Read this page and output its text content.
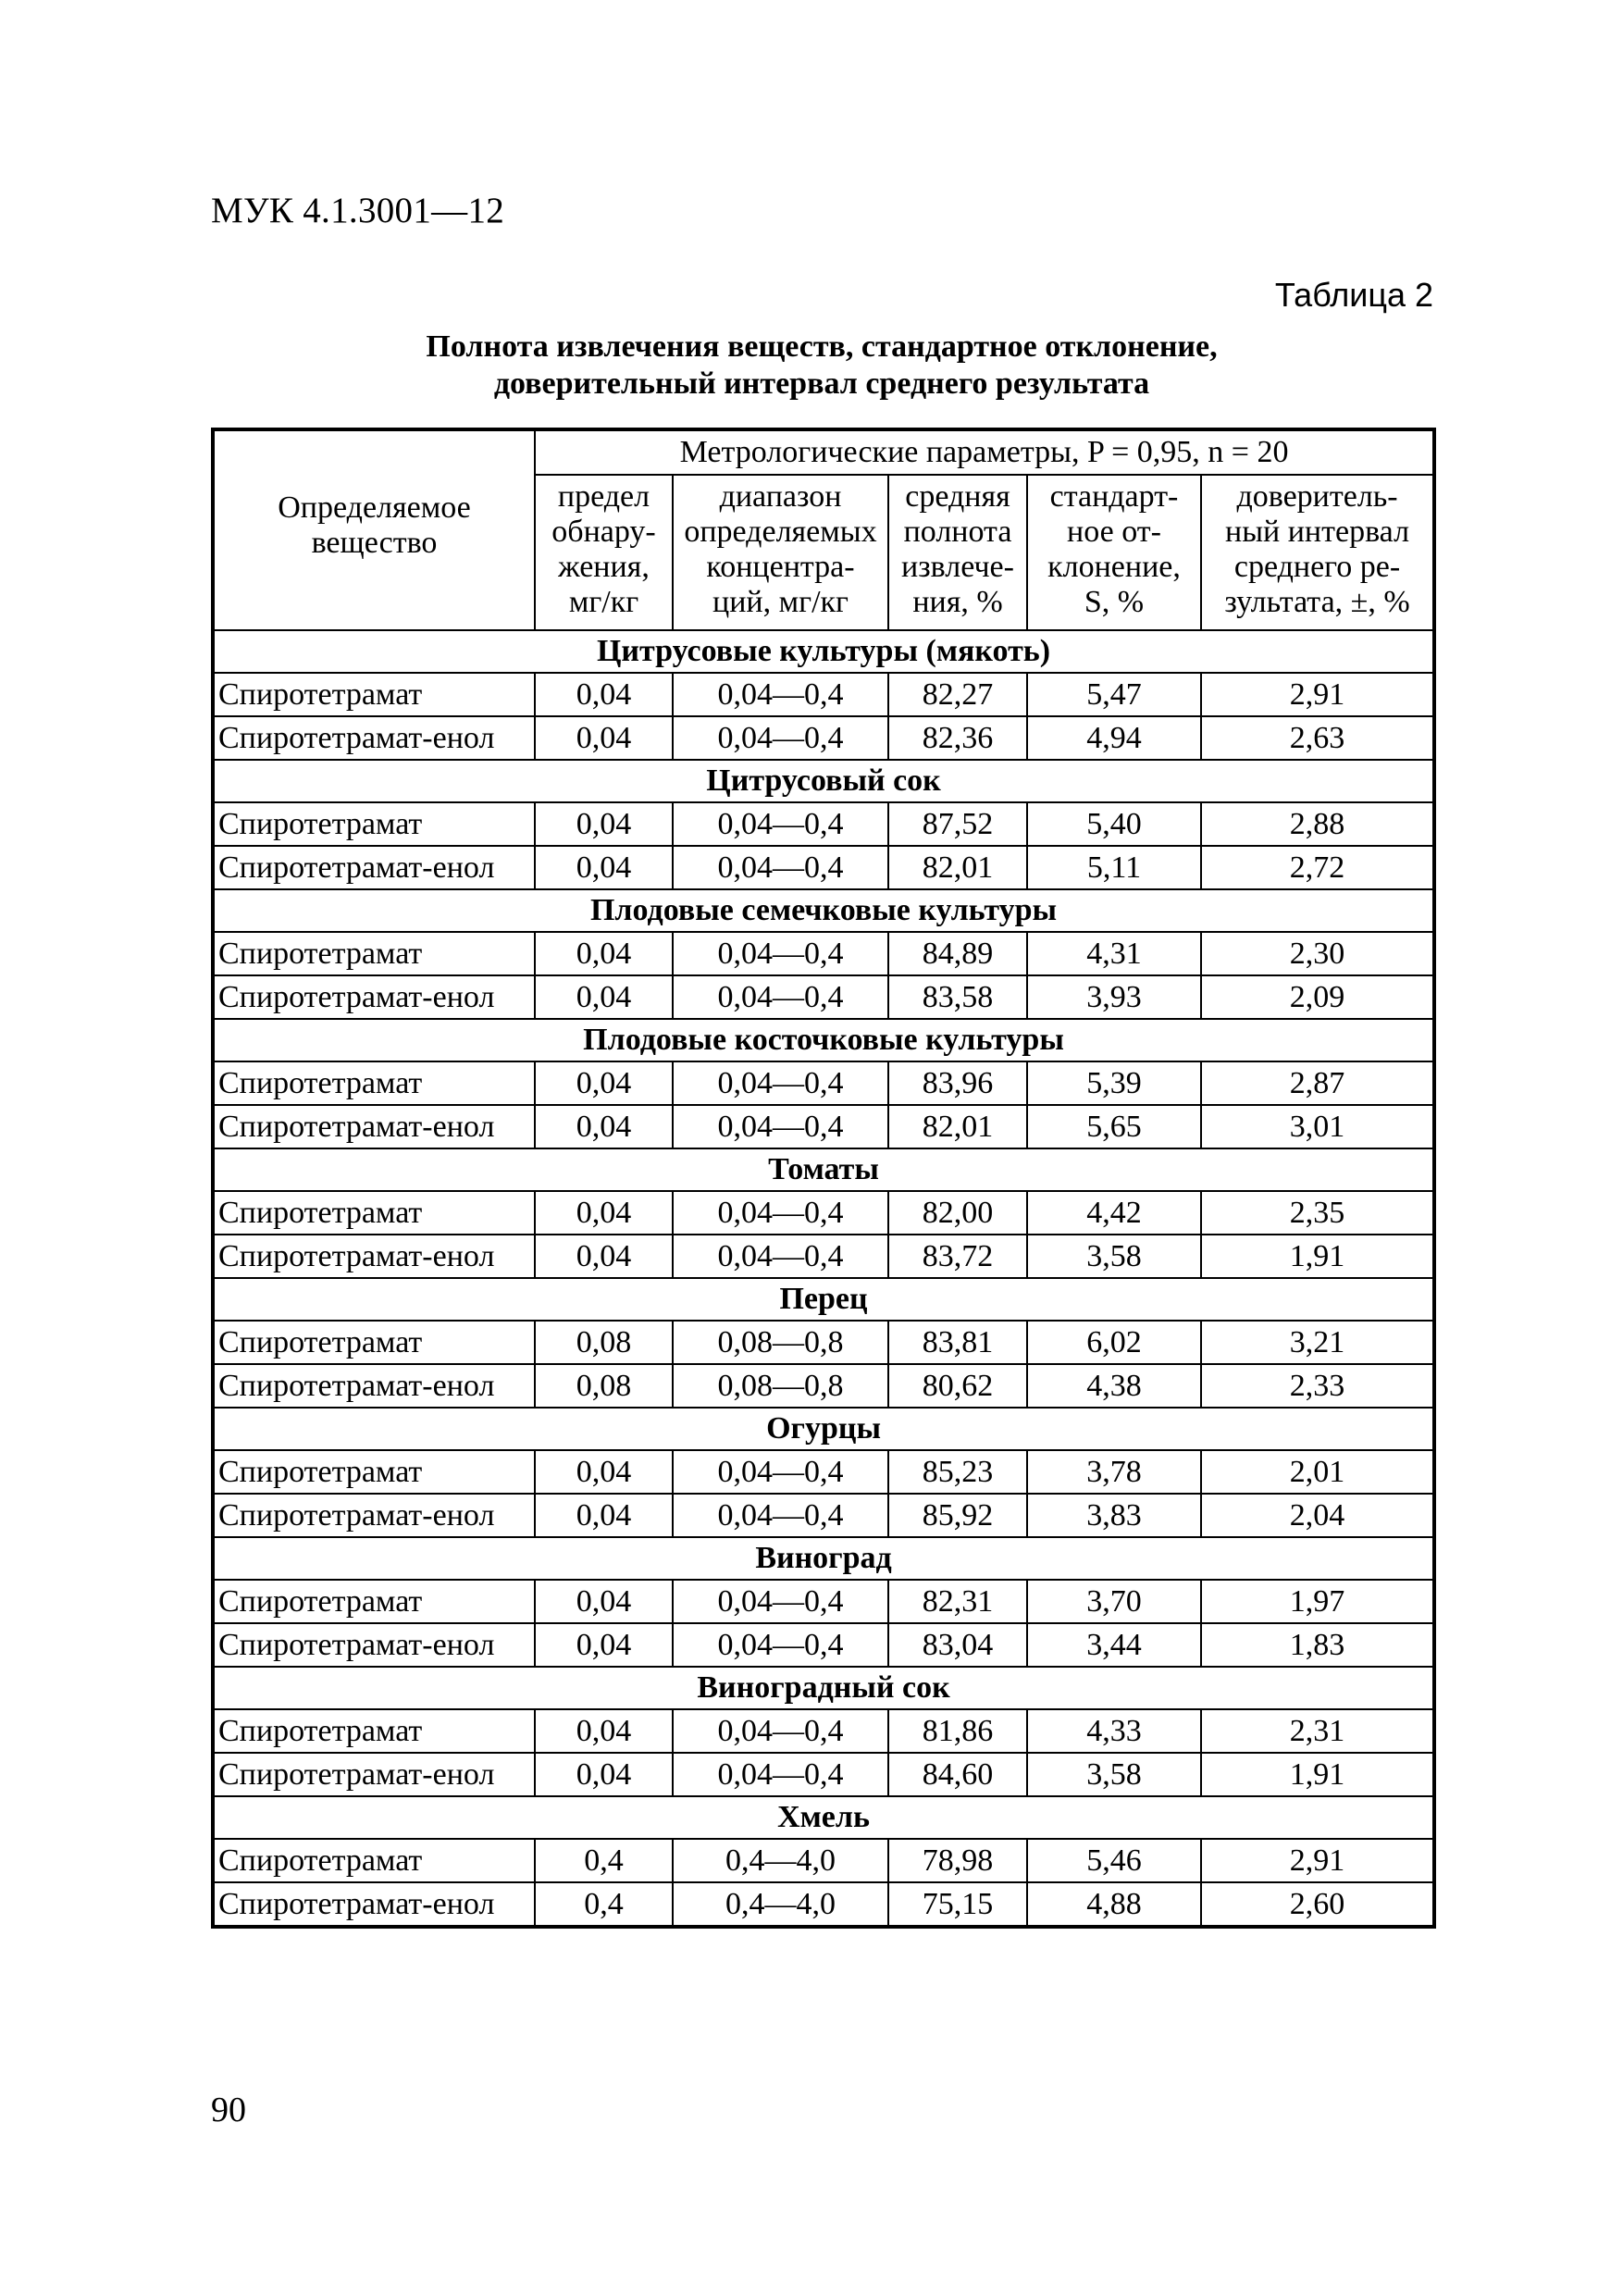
МУК 4.1.3001—12
Таблица 2
Полнота извлечения веществ, стандартное отклонение,
доверительный интервал среднего результата
Определяемое
вещество	Метрологические параметры, P = 0,95, n = 20				

	предел
обнару-
жения,
мг/кг	диапазон
определяемых
концентра-
ций, мг/кг	средняя
полнота
извлече-
ния, %	стандарт-
ное от-
клонение,
S, %	доверитель-
ный интервал
среднего ре-
зультата, ±, %

Цитрусовые культуры (мякоть)					
Спиротетрамат	0,04	0,04—0,4	82,27	5,47	2,91
Спиротетрамат-енол	0,04	0,04—0,4	82,36	4,94	2,63
Цитрусовый сок					
Спиротетрамат	0,04	0,04—0,4	87,52	5,40	2,88
Спиротетрамат-енол	0,04	0,04—0,4	82,01	5,11	2,72
Плодовые семечковые культуры					
Спиротетрамат	0,04	0,04—0,4	84,89	4,31	2,30
Спиротетрамат-енол	0,04	0,04—0,4	83,58	3,93	2,09
Плодовые косточковые культуры					
Спиротетрамат	0,04	0,04—0,4	83,96	5,39	2,87
Спиротетрамат-енол	0,04	0,04—0,4	82,01	5,65	3,01
Томаты					
Спиротетрамат	0,04	0,04—0,4	82,00	4,42	2,35
Спиротетрамат-енол	0,04	0,04—0,4	83,72	3,58	1,91
Перец					
Спиротетрамат	0,08	0,08—0,8	83,81	6,02	3,21
Спиротетрамат-енол	0,08	0,08—0,8	80,62	4,38	2,33
Огурцы					
Спиротетрамат	0,04	0,04—0,4	85,23	3,78	2,01
Спиротетрамат-енол	0,04	0,04—0,4	85,92	3,83	2,04
Виноград					
Спиротетрамат	0,04	0,04—0,4	82,31	3,70	1,97
Спиротетрамат-енол	0,04	0,04—0,4	83,04	3,44	1,83
Виноградный сок					
Спиротетрамат	0,04	0,04—0,4	81,86	4,33	2,31
Спиротетрамат-енол	0,04	0,04—0,4	84,60	3,58	1,91
Хмель					
Спиротетрамат	0,4	0,4—4,0	78,98	5,46	2,91
Спиротетрамат-енол	0,4	0,4—4,0	75,15	4,88	2,60
90
